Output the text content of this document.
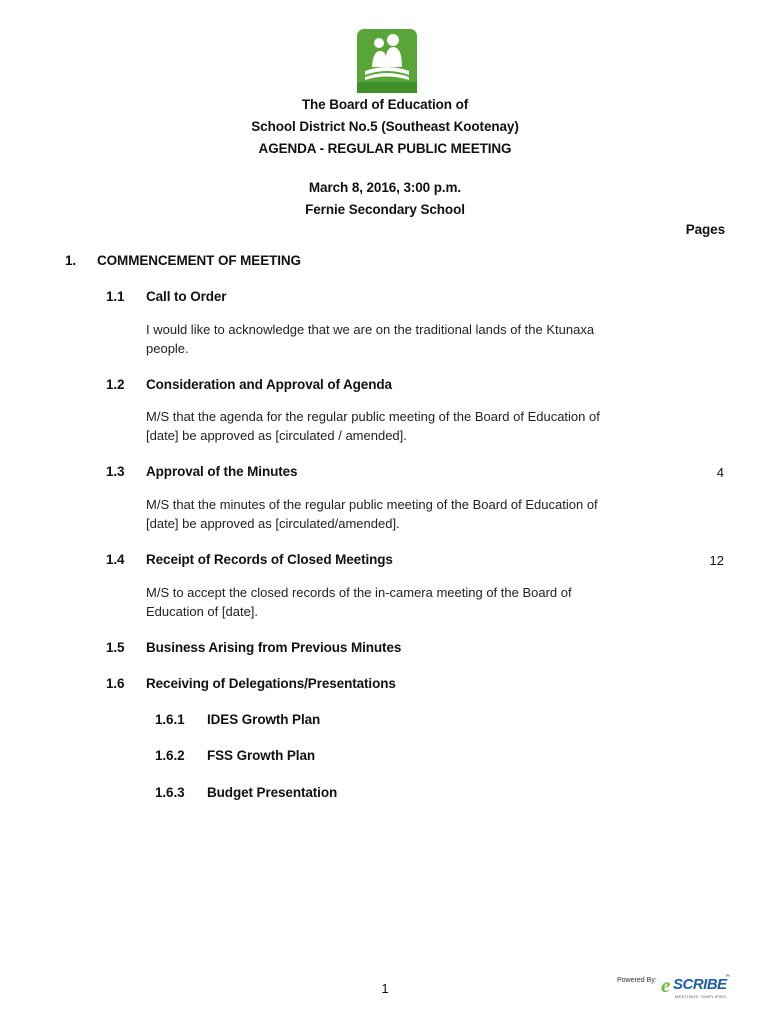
The Board of Education of
School District No.5 (Southeast Kootenay)
AGENDA - REGULAR PUBLIC MEETING
March 8, 2016, 3:00 p.m.
Fernie Secondary School
Pages
1. COMMENCEMENT OF MEETING
1.1 Call to Order
I would like to acknowledge that we are on the traditional lands of the Ktunaxa
people.
1.2 Consideration and Approval of Agenda
M/S that the agenda for the regular public meeting of the Board of Education of
[date] be approved as [circulated / amended].
1.3 Approval of the Minutes	4
M/S that the minutes of the regular public meeting of the Board of Education of
[date] be approved as [circulated/amended].
1.4 Receipt of Records of Closed Meetings	12
M/S to accept the closed records of the in-camera meeting of the Board of
Education of [date].
1.5 Business Arising from Previous Minutes
1.6 Receiving of Delegations/Presentations
1.6.1 IDES Growth Plan
1.6.2 FSS Growth Plan
1.6.3 Budget Presentation
1
Powered By: e SCRIBE
™
MEETINGS. SIMPLIFIED.
